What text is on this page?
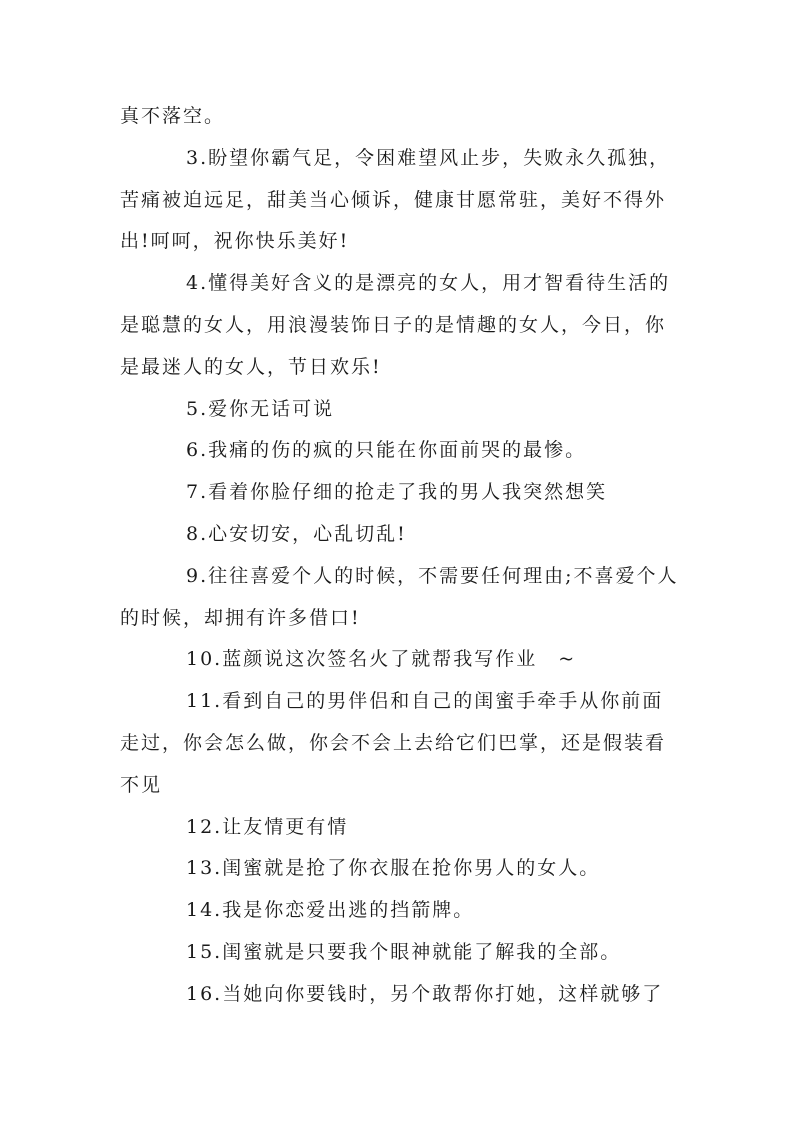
真不落空。

3.盼望你霸气足，令困难望风止步，失败永久孤独，苦痛被迫远足，甜美当心倾诉，健康甘愿常驻，美好不得外出!呵呵，祝你快乐美好!

4.懂得美好含义的是漂亮的女人，用才智看待生活的是聪慧的女人，用浪漫装饰日子的是情趣的女人，今日，你是最迷人的女人，节日欢乐!

5.爱你无话可说

6.我痛的伤的疯的只能在你面前哭的最惨。

7.看着你脸仔细的抢走了我的男人我突然想笑

8.心安切安，心乱切乱!

9.往往喜爱个人的时候，不需要任何理由;不喜爱个人的时候，却拥有许多借口!

10.蓝颜说这次签名火了就帮我写作业　~

11.看到自己的男伴侣和自己的闺蜜手牵手从你前面走过，你会怎么做，你会不会上去给它们巴掌，还是假装看不见

12.让友情更有情

13.闺蜜就是抢了你衣服在抢你男人的女人。

14.我是你恋爱出逃的挡箭牌。

15.闺蜜就是只要我个眼神就能了解我的全部。

16.当她向你要钱时，另个敢帮你打她，这样就够了
